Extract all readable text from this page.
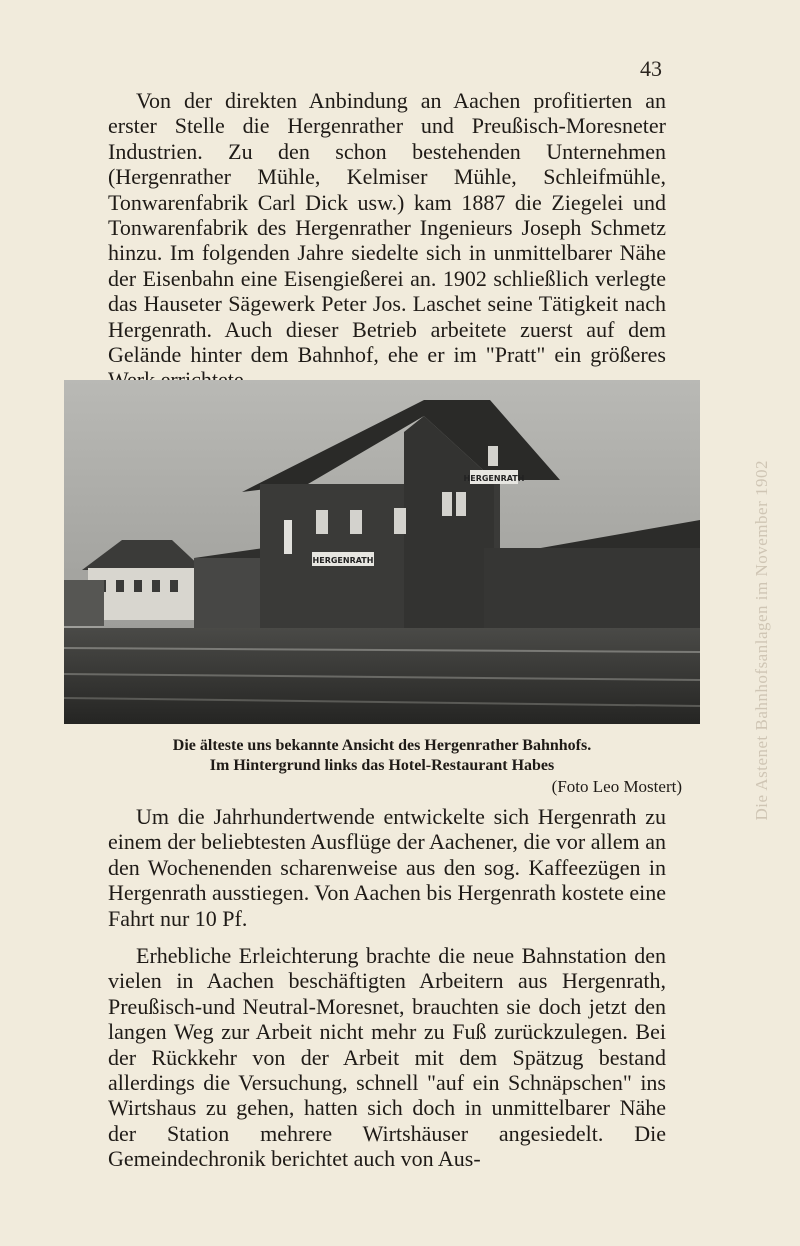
Die Astenet Bahnhofsanlagen im November 1902
43

Von der direkten Anbindung an Aachen profitierten an erster Stelle die Hergenrather und Preußisch-Moresneter Industrien. Zu den schon bestehenden Unternehmen (Hergenrather Mühle, Kelmiser Mühle, Schleifmühle, Tonwarenfabrik Carl Dick usw.) kam 1887 die Ziegelei und Tonwarenfabrik des Hergenrather Ingenieurs Joseph Schmetz hinzu. Im folgenden Jahre siedelte sich in unmittelbarer Nähe der Eisenbahn eine Eisengießerei an. 1902 schließlich verlegte das Hauseter Sägewerk Peter Jos. Laschet seine Tätigkeit nach Hergenrath. Auch dieser Betrieb arbeitete zuerst auf dem Gelände hinter dem Bahnhof, ehe er im "Pratt" ein größeres

HERGENRATH
HERGENRATH
Die älteste uns bekannte Ansicht des Hergenrather Bahnhofs.
Im Hintergrund links das Hotel-Restaurant Habes
(Foto Leo Mostert)

Um die Jahrhundertwende entwickelte sich Hergenrath zu einem der beliebtesten Ausflüge der Aachener, die vor allem an den Wochenenden scharenweise aus den sog. Kaffeezügen in Hergenrath ausstiegen. Von Aachen bis Hergenrath kostete eine Fahrt nur 10 Pf.

Erhebliche Erleichterung brachte die neue Bahnstation den vielen in Aachen beschäftigten Arbeitern aus Hergenrath, Preußisch-und Neutral-Moresnet, brauchten sie doch jetzt den langen Weg zur Arbeit nicht mehr zu Fuß zurückzulegen. Bei der Rückkehr von der Arbeit mit dem Spätzug bestand allerdings die Versuchung, schnell "auf ein Schnäpschen" ins Wirtshaus zu gehen, hatten sich doch in unmittelbarer Nähe der Station mehrere Wirtshäuser angesiedelt. Die Gemeindechronik berichtet auch von Aus-
